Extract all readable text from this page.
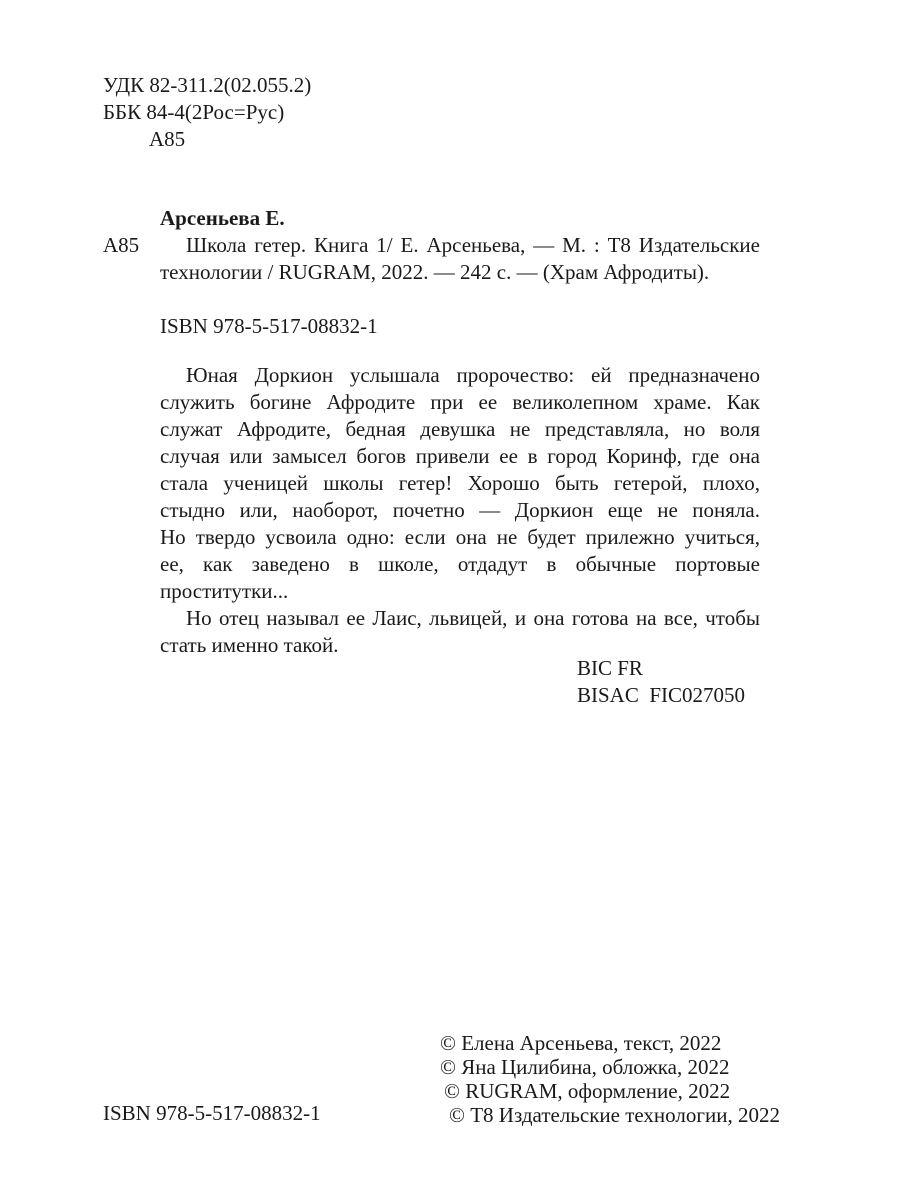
УДК 82-311.2(02.055.2)
ББК 84-4(2Рос=Рус)
А85
Арсеньева Е.
А85 Школа гетер. Книга 1/ Е. Арсеньева, — М. : Т8 Издательские
технологии / RUGRAM, 2022. — 242 с. — (Храм Афродиты).
ISBN 978-5-517-08832-1
Юная Доркион услышала пророчество: ей предназначено
служить богине Афродите при ее великолепном храме. Как
служат Афродите, бедная девушка не представляла, но воля
случая или замысел богов привели ее в город Коринф, где она
стала ученицей школы гетер! Хорошо быть гетерой, плохо,
стыдно или, наоборот, почетно — Доркион еще не поняла.
Но твердо усвоила одно: если она не будет прилежно учиться,
ее, как заведено в школе, отдадут в обычные портовые
проститутки...
Но отец называл ее Лаис, львицей, и она готова на все, чтобы
стать именно такой.
BIC FR
BISAC  FIC027050
ISBN 978-5-517-08832-1
© Елена Арсеньева, текст, 2022
© Яна Цилибина, обложка, 2022
© RUGRAM, оформление, 2022
© Т8 Издательские технологии, 2022
